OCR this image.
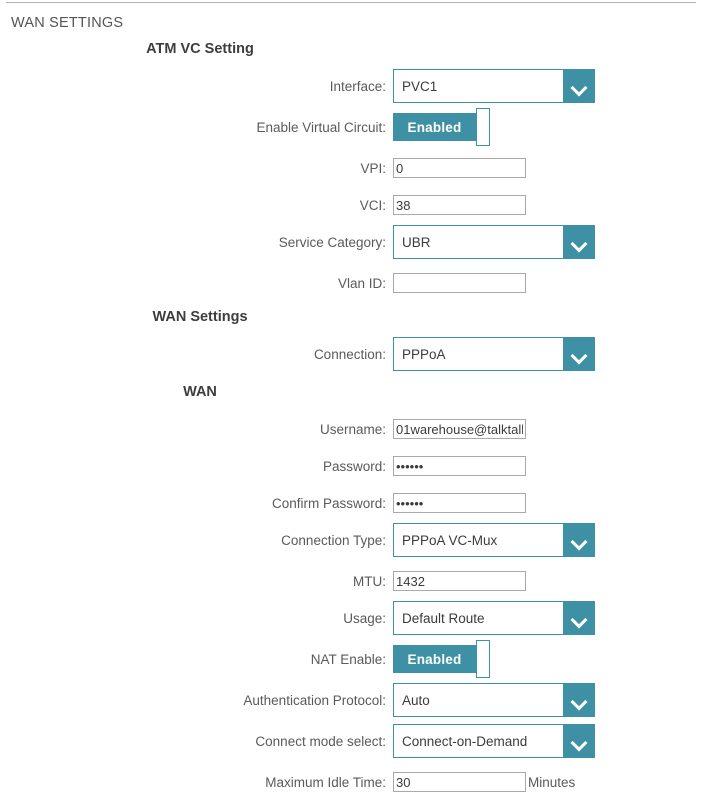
WAN SETTINGS
ATM VC Setting
Interface:	PVC1
Enable Virtual Circuit:	Enabled
VPI:
0
VCI:
38
Service Category:	UBR
Vlan ID:
WAN Settings
Connection:	PPPoA
WAN
Username:
01warehouse@talktalk.n
Password:
••••••
Confirm Password:
••••••
Connection Type:	PPPoA VC-Mux
MTU:
1432
Usage:	Default Route
NAT Enable:	Enabled
Authentication Protocol:	Auto
Connect mode select:	Connect-on-Demand
Maximum Idle Time:
30	Minutes
